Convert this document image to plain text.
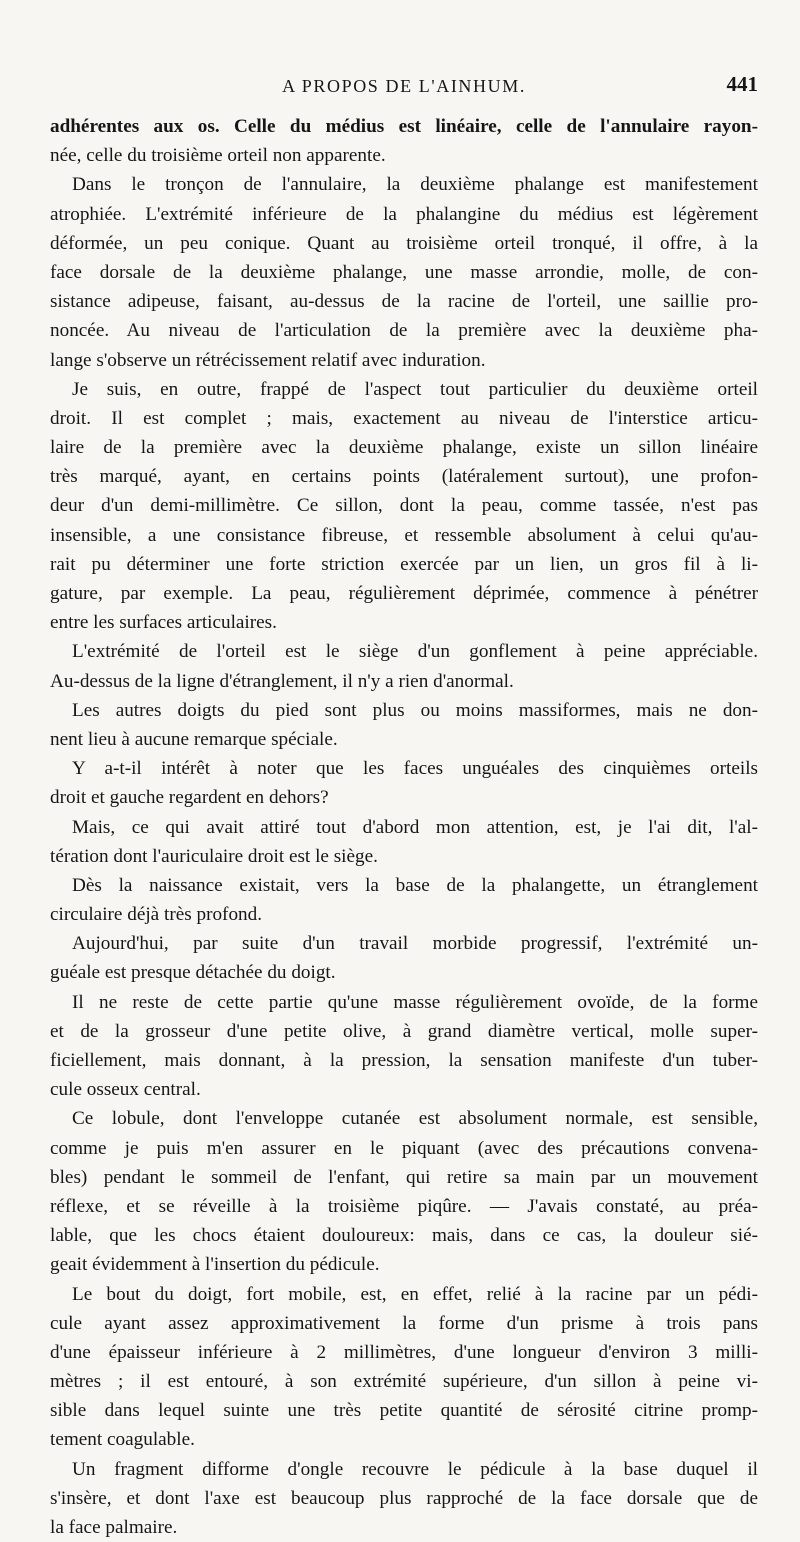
A PROPOS DE L'AINHUM.	441
adhérentes aux os. Celle du médius est linéaire, celle de l'annulaire rayon-
née, celle du troisième orteil non apparente.
Dans le tronçon de l'annulaire, la deuxième phalange est manifestement
atrophiée. L'extrémité inférieure de la phalangine du médius est légèrement
déformée, un peu conique. Quant au troisième orteil tronqué, il offre, à la
face dorsale de la deuxième phalange, une masse arrondie, molle, de con-
sistance adipeuse, faisant, au-dessus de la racine de l'orteil, une saillie pro-
noncée. Au niveau de l'articulation de la première avec la deuxième pha-
lange s'observe un rétrécissement relatif avec induration.
Je suis, en outre, frappé de l'aspect tout particulier du deuxième orteil
droit. Il est complet ; mais, exactement au niveau de l'interstice articu-
laire de la première avec la deuxième phalange, existe un sillon linéaire
très marqué, ayant, en certains points (latéralement surtout), une profon-
deur d'un demi-millimètre. Ce sillon, dont la peau, comme tassée, n'est pas
insensible, a une consistance fibreuse, et ressemble absolument à celui qu'au-
rait pu déterminer une forte striction exercée par un lien, un gros fil à li-
gature, par exemple. La peau, régulièrement déprimée, commence à pénétrer
entre les surfaces articulaires.
L'extrémité de l'orteil est le siège d'un gonflement à peine appréciable.
Au-dessus de la ligne d'étranglement, il n'y a rien d'anormal.
Les autres doigts du pied sont plus ou moins massiformes, mais ne don-
nent lieu à aucune remarque spéciale.
Y a-t-il intérêt à noter que les faces unguéales des cinquièmes orteils
droit et gauche regardent en dehors?
Mais, ce qui avait attiré tout d'abord mon attention, est, je l'ai dit, l'al-
tération dont l'auriculaire droit est le siège.
Dès la naissance existait, vers la base de la phalangette, un étranglement
circulaire déjà très profond.
Aujourd'hui, par suite d'un travail morbide progressif, l'extrémité un-
guéale est presque détachée du doigt.
Il ne reste de cette partie qu'une masse régulièrement ovoïde, de la forme
et de la grosseur d'une petite olive, à grand diamètre vertical, molle super-
ficiellement, mais donnant, à la pression, la sensation manifeste d'un tuber-
cule osseux central.
Ce lobule, dont l'enveloppe cutanée est absolument normale, est sensible,
comme je puis m'en assurer en le piquant (avec des précautions convena-
bles) pendant le sommeil de l'enfant, qui retire sa main par un mouvement
réflexe, et se réveille à la troisième piqûre. — J'avais constaté, au préa-
lable, que les chocs étaient douloureux: mais, dans ce cas, la douleur sié-
geait évidemment à l'insertion du pédicule.
Le bout du doigt, fort mobile, est, en effet, relié à la racine par un pédi-
cule ayant assez approximativement la forme d'un prisme à trois pans
d'une épaisseur inférieure à 2 millimètres, d'une longueur d'environ 3 milli-
mètres ; il est entouré, à son extrémité supérieure, d'un sillon à peine vi-
sible dans lequel suinte une très petite quantité de sérosité citrine promp-
tement coagulable.
Un fragment difforme d'ongle recouvre le pédicule à la base duquel il
s'insère, et dont l'axe est beaucoup plus rapproché de la face dorsale que de
la face palmaire.
